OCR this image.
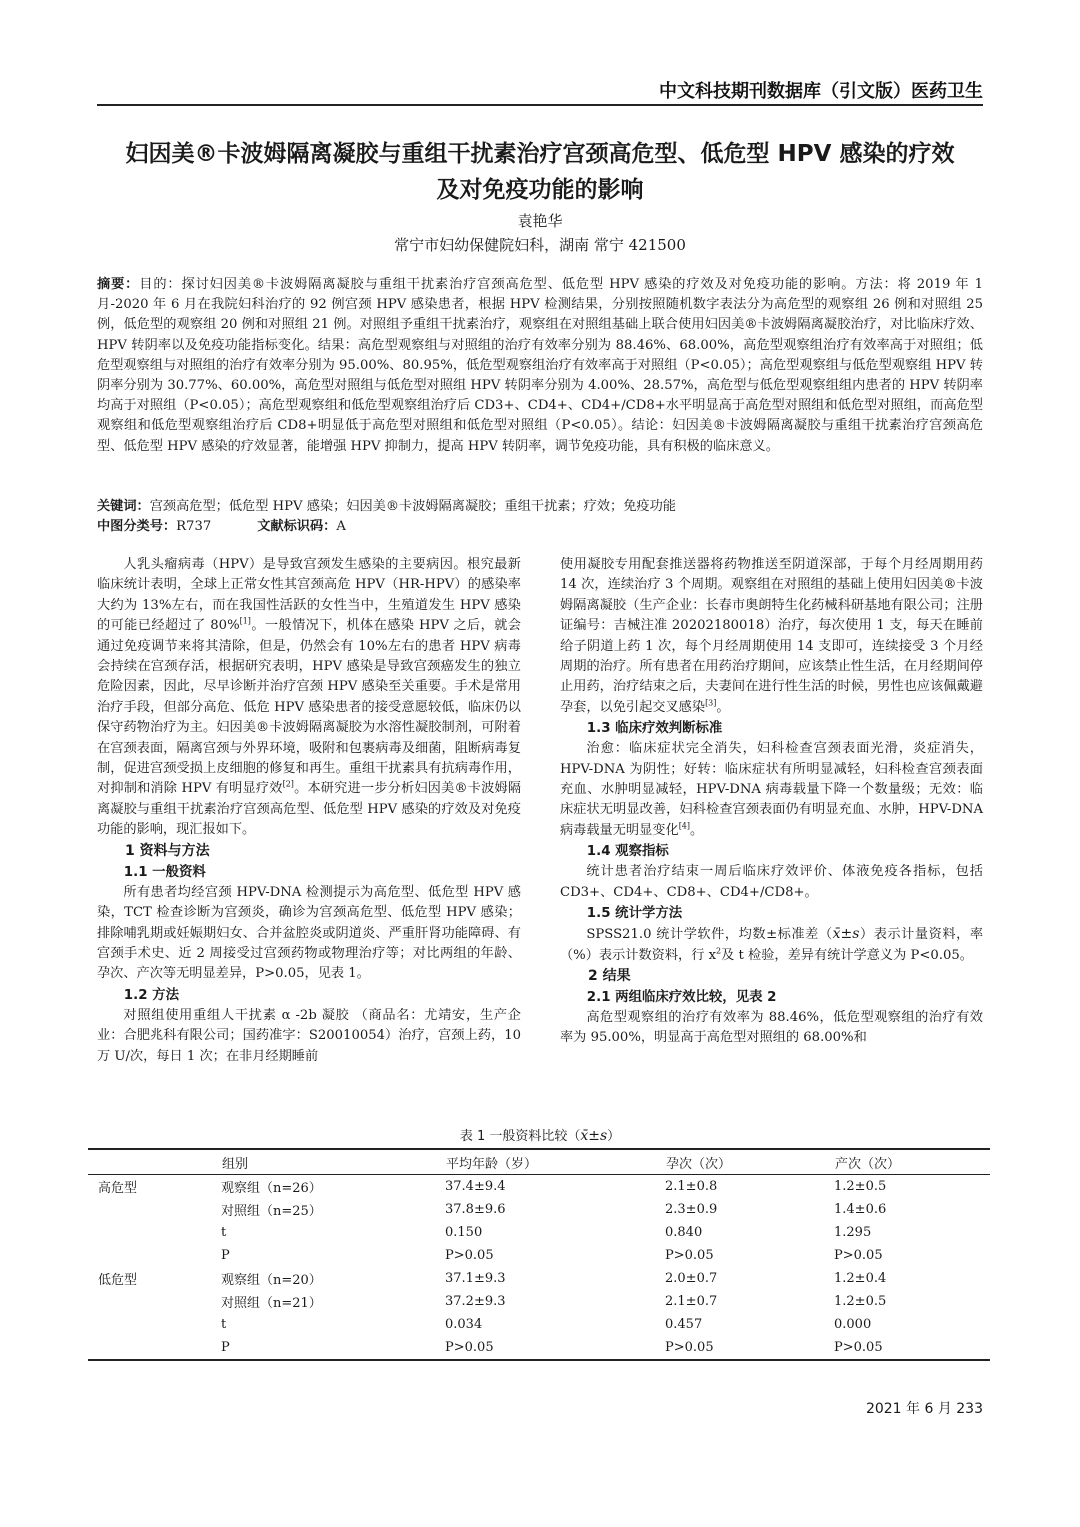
中文科技期刊数据库（引文版）医药卫生
妇因美®卡波姆隔离凝胶与重组干扰素治疗宫颈高危型、低危型 HPV 感染的疗效
及对免疫功能的影响
袁艳华
常宁市妇幼保健院妇科，湖南 常宁 421500
摘要：目的：探讨妇因美®卡波姆隔离凝胶与重组干扰素治疗宫颈高危型、低危型 HPV 感染的疗效及对免疫功能的影响。方法：将 2019 年 1 月-2020 年 6 月在我院妇科治疗的 92 例宫颈 HPV 感染患者，根据 HPV 检测结果，分别按照随机数字表法分为高危型的观察组 26 例和对照组 25 例，低危型的观察组 20 例和对照组 21 例。对照组予重组干扰素治疗，观察组在对照组基础上联合使用妇因美®卡波姆隔离凝胶治疗，对比临床疗效、HPV 转阴率以及免疫功能指标变化。结果：高危型观察组与对照组的治疗有效率分别为 88.46%、68.00%，高危型观察组治疗有效率高于对照组；低危型观察组与对照组的治疗有效率分别为 95.00%、80.95%，低危型观察组治疗有效率高于对照组（P<0.05）；高危型观察组与低危型观察组 HPV 转阴率分别为 30.77%、60.00%，高危型对照组与低危型对照组 HPV 转阴率分别为 4.00%、28.57%，高危型与低危型观察组组内患者的 HPV 转阴率均高于对照组（P<0.05）；高危型观察组和低危型观察组治疗后 CD3+、CD4+、CD4+/CD8+水平明显高于高危型对照组和低危型对照组，而高危型观察组和低危型观察组治疗后 CD8+明显低于高危型对照组和低危型对照组（P<0.05）。结论：妇因美®卡波姆隔离凝胶与重组干扰素治疗宫颈高危型、低危型 HPV 感染的疗效显著，能增强 HPV 抑制力，提高 HPV 转阴率，调节免疫功能，具有积极的临床意义。
关键词：宫颈高危型；低危型 HPV 感染；妇因美®卡波姆隔离凝胶；重组干扰素；疗效；免疫功能
中图分类号：R737	文献标识码：A

人乳头瘤病毒（HPV）是导致宫颈发生感染的主要病因。根究最新临床统计表明，全球上正常女性其宫颈高危 HPV（HR-HPV）的感染率大约为 13%左右，而在我国性活跃的女性当中，生殖道发生 HPV 感染的可能已经超过了 80%[1]。一般情况下，机体在感染 HPV 之后，就会通过免疫调节来将其清除，但是，仍然会有 10%左右的患者 HPV 病毒会持续在宫颈存活，根据研究表明，HPV 感染是导致宫颈癌发生的独立危险因素，因此，尽早诊断并治疗宫颈 HPV 感染至关重要。手术是常用治疗手段，但部分高危、低危 HPV 感染患者的接受意愿较低，临床仍以保守药物治疗为主。妇因美®卡波姆隔离凝胶为水溶性凝胶制剂，可附着在宫颈表面，隔离宫颈与外界环境，吸附和包裹病毒及细菌，阻断病毒复制，促进宫颈受损上皮细胞的修复和再生。重组干扰素具有抗病毒作用，对抑制和消除 HPV 有明显疗效[2]。本研究进一步分析妇因美®卡波姆隔离凝胶与重组干扰素治疗宫颈高危型、低危型 HPV 感染的疗效及对免疫功能的影响，现汇报如下。

1 资料与方法
1.1 一般资料

所有患者均经宫颈 HPV-DNA 检测提示为高危型、低危型 HPV 感染，TCT 检查诊断为宫颈炎，确诊为宫颈高危型、低危型 HPV 感染；排除哺乳期或妊娠期妇女、合并盆腔炎或阴道炎、严重肝肾功能障碍、有宫颈手术史、近 2 周接受过宫颈药物或物理治疗等；对比两组的年龄、孕次、产次等无明显差异，P>0.05，见表 1。

1.2 方法

对照组使用重组人干扰素 α -2b 凝胶 （商品名：尤靖安，生产企业：合肥兆科有限公司；国药准字：S20010054）治疗，宫颈上药，10 万 U/次，每日 1 次；在非月经期睡前

使用凝胶专用配套推送器将药物推送至阴道深部，于每个月经周期用药 14 次，连续治疗 3 个周期。观察组在对照组的基础上使用妇因美®卡波姆隔离凝胶（生产企业：长春市奥朗特生化药械科研基地有限公司；注册证编号：吉械注准 20202180018）治疗，每次使用 1 支，每天在睡前给子阴道上药 1 次，每个月经周期使用 14 支即可，连续接受 3 个月经周期的治疗。所有患者在用药治疗期间，应该禁止性生活，在月经期间停止用药，治疗结束之后，夫妻间在进行性生活的时候，男性也应该佩戴避孕套，以免引起交叉感染[3]。

1.3 临床疗效判断标准

治愈：临床症状完全消失，妇科检查宫颈表面光滑，炎症消失，HPV-DNA 为阴性；好转：临床症状有所明显减轻，妇科检查宫颈表面充血、水肿明显减轻，HPV-DNA 病毒载量下降一个数量级；无效：临床症状无明显改善，妇科检查宫颈表面仍有明显充血、水肿，HPV-DNA 病毒载量无明显变化[4]。

1.4 观察指标

统计患者治疗结束一周后临床疗效评价、体液免疫各指标，包括 CD3+、CD4+、CD8+、CD4+/CD8+。

1.5 统计学方法

SPSS21.0 统计学软件，均数±标准差（x̄±s）表示计量资料，率（%）表示计数资料，行 $x^2$及 t 检验，差异有统计学意义为 P<0.05。

2 结果
2.1 两组临床疗效比较，见表 2

高危型观察组的治疗有效率为 88.46%，低危型观察组的治疗有效率为 95.00%，明显高于高危型对照组的 68.00%和

表 1 一般资料比较（x̄±s）
	组别	平均年龄（岁）	孕次（次）	产次（次）
高危型	观察组（n=26）	37.4±9.4	2.1±0.8	1.2±0.5
	对照组（n=25）	37.8±9.6	2.3±0.9	1.4±0.6
	t	0.150	0.840	1.295
	P	P>0.05	P>0.05	P>0.05
低危型	观察组（n=20）	37.1±9.3	2.0±0.7	1.2±0.4
	对照组（n=21）	37.2±9.3	2.1±0.7	1.2±0.5
	t	0.034	0.457	0.000
	P	P>0.05	P>0.05	P>0.05
2021 年 6 月 233
